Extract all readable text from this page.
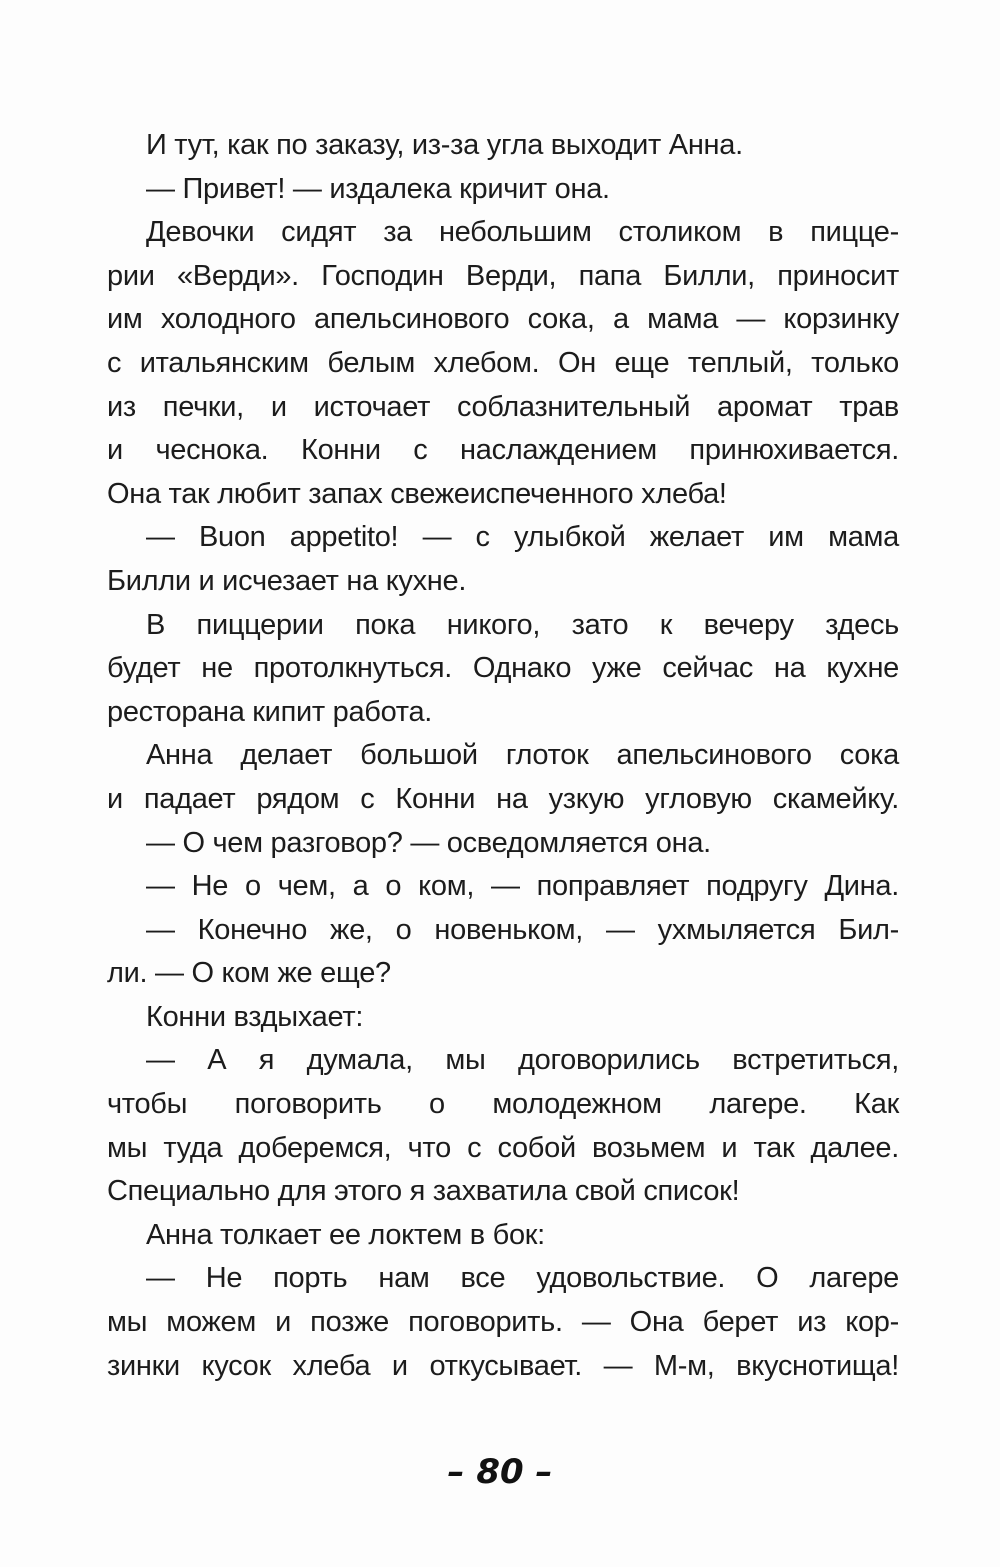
И тут, как по заказу, из-за угла выходит Анна.
— Привет! — издалека кричит она.
Девочки сидят за небольшим столиком в пицце-
рии «Верди». Господин Верди, папа Билли, приносит
им холодного апельсинового сока, а мама — корзинку
с итальянским белым хлебом. Он еще теплый, только
из печки, и источает соблазнительный аромат трав
и чеснока. Конни с наслаждением принюхивается.
Она так любит запах свежеиспеченного хлеба!
— Buon appetito! — с улыбкой желает им мама
Билли и исчезает на кухне.
В пиццерии пока никого, зато к вечеру здесь
будет не протолкнуться. Однако уже сейчас на кухне
ресторана кипит работа.
Анна делает большой глоток апельсинового сока
и падает рядом с Конни на узкую угловую скамейку.
— О чем разговор? — осведомляется она.
— Не о чем, а о ком, — поправляет подругу Дина.
— Конечно же, о новеньком, — ухмыляется Бил-
ли. — О ком же еще?
Конни вздыхает:
— А я думала, мы договорились встретиться,
чтобы поговорить о молодежном лагере. Как
мы туда доберемся, что с собой возьмем и так далее.
Специально для этого я захватила свой список!
Анна толкает ее локтем в бок:
— Не порть нам все удовольствие. О лагере
мы можем и позже поговорить. — Она берет из кор-
зинки кусок хлеба и откусывает. — М-м, вкуснотища!
– 80 –
